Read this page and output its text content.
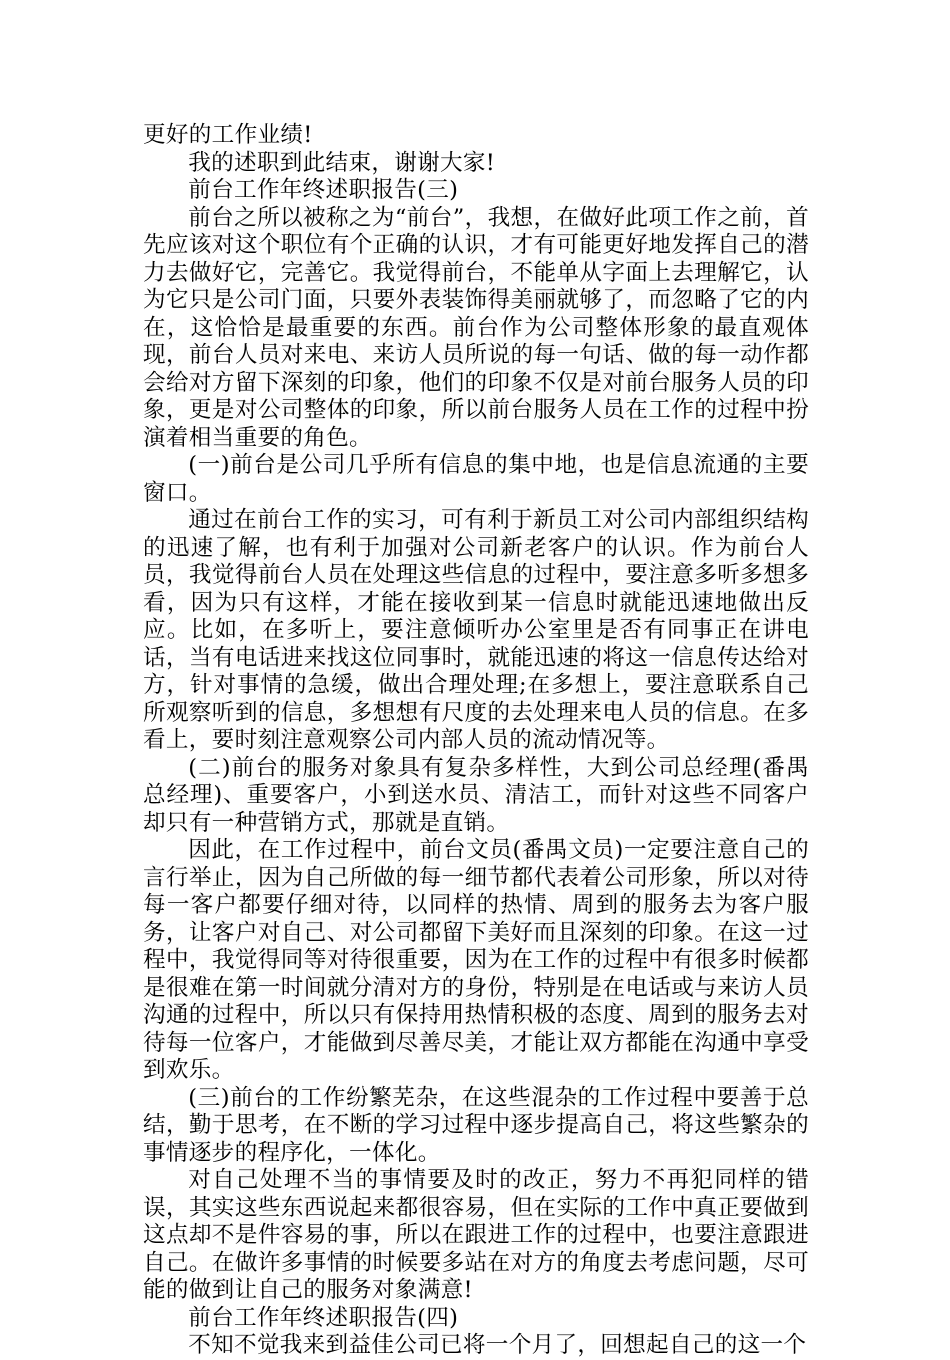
更好的工作业绩!

我的述职到此结束，谢谢大家!

前台工作年终述职报告(三)

前台之所以被称之为“前台”，我想，在做好此项工作之前，首先应该对这个职位有个正确的认识，才有可能更好地发挥自己的潜力去做好它，完善它。我觉得前台，不能单从字面上去理解它，认为它只是公司门面，只要外表装饰得美丽就够了，而忽略了它的内在，这恰恰是最重要的东西。前台作为公司整体形象的最直观体现，前台人员对来电、来访人员所说的每一句话、做的每一动作都会给对方留下深刻的印象，他们的印象不仅是对前台服务人员的印象，更是对公司整体的印象，所以前台服务人员在工作的过程中扮演着相当重要的角色。

(一)前台是公司几乎所有信息的集中地，也是信息流通的主要窗口。

通过在前台工作的实习，可有利于新员工对公司内部组织结构的迅速了解，也有利于加强对公司新老客户的认识。作为前台人员，我觉得前台人员在处理这些信息的过程中，要注意多听多想多看，因为只有这样，才能在接收到某一信息时就能迅速地做出反应。比如，在多听上，要注意倾听办公室里是否有同事正在讲电话，当有电话进来找这位同事时，就能迅速的将这一信息传达给对方，针对事情的急缓，做出合理处理;在多想上，要注意联系自己所观察听到的信息，多想想有尺度的去处理来电人员的信息。在多看上，要时刻注意观察公司内部人员的流动情况等。

(二)前台的服务对象具有复杂多样性，大到公司总经理(番禺总经理)、重要客户，小到送水员、清洁工，而针对这些不同客户却只有一种营销方式，那就是直销。

因此，在工作过程中，前台文员(番禺文员)一定要注意自己的言行举止，因为自己所做的每一细节都代表着公司形象，所以对待每一客户都要仔细对待，以同样的热情、周到的服务去为客户服务，让客户对自己、对公司都留下美好而且深刻的印象。在这一过程中，我觉得同等对待很重要，因为在工作的过程中有很多时候都是很难在第一时间就分清对方的身份，特别是在电话或与来访人员沟通的过程中，所以只有保持用热情积极的态度、周到的服务去对待每一位客户，才能做到尽善尽美，才能让双方都能在沟通中享受到欢乐。

(三)前台的工作纷繁芜杂，在这些混杂的工作过程中要善于总结，勤于思考，在不断的学习过程中逐步提高自己，将这些繁杂的事情逐步的程序化，一体化。

对自己处理不当的事情要及时的改正，努力不再犯同样的错误，其实这些东西说起来都很容易，但在实际的工作中真正要做到这点却不是件容易的事，所以在跟进工作的过程中，也要注意跟进自己。在做许多事情的时候要多站在对方的角度去考虑问题，尽可能的做到让自己的服务对象满意!

前台工作年终述职报告(四)

不知不觉我来到益佳公司已将一个月了，回想起自己的这一个
